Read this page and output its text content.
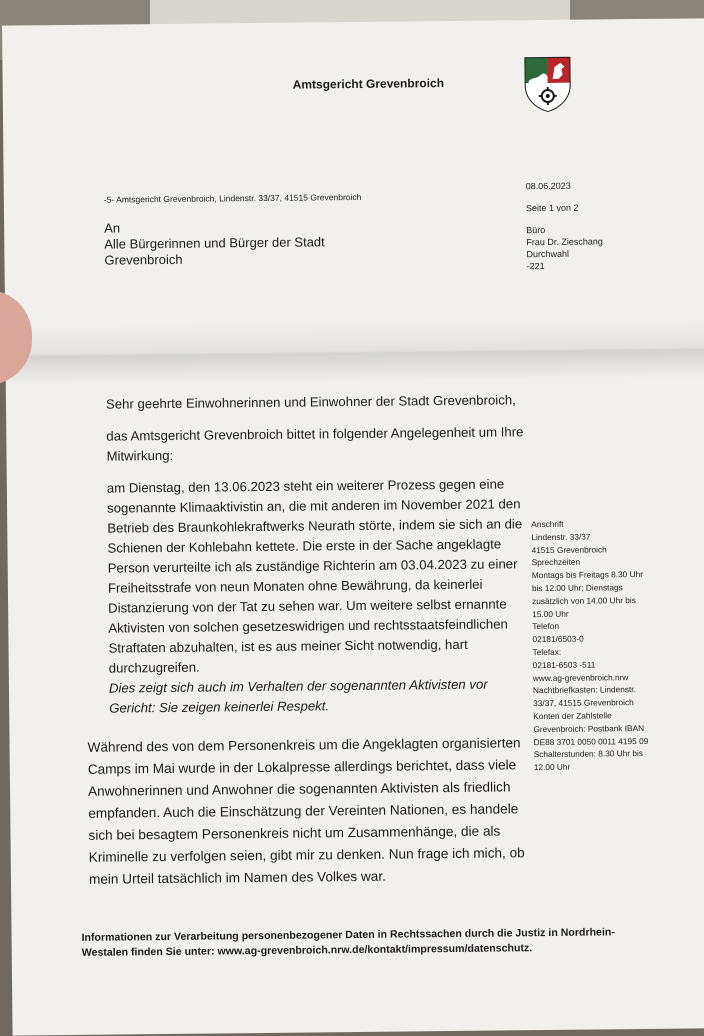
Amtsgericht Grevenbroich
-5- Amtsgericht Grevenbroich, Lindenstr. 33/37, 41515 Grevenbroich
08.06.2023
Seite 1 von 2
Büro
Frau Dr. Zieschang
Durchwahl
-221
An
Alle Bürgerinnen und Bürger der Stadt
Grevenbroich

Sehr geehrte Einwohnerinnen und Einwohner der Stadt Grevenbroich,

das Amtsgericht Grevenbroich bittet in folgender Angelegenheit um Ihre Mitwirkung:

am Dienstag, den 13.06.2023 steht ein weiterer Prozess gegen eine sogenannte Klimaaktivistin an, die mit anderen im November 2021 den Betrieb des Braunkohlekraftwerks Neurath störte, indem sie sich an die Schienen der Kohlebahn kettete. Die erste in der Sache angeklagte Person verurteilte ich als zuständige Richterin am 03.04.2023 zu einer Freiheitsstrafe von neun Monaten ohne Bewährung, da keinerlei Distanzierung von der Tat zu sehen war. Um weitere selbst ernannte Aktivisten von solchen gesetzeswidrigen und rechtsstaatsfeindlichen Straftaten abzuhalten, ist es aus meiner Sicht notwendig, hart durchzugreifen.

Dies zeigt sich auch im Verhalten der sogenannten Aktivisten vor Gericht: Sie zeigen keinerlei Respekt.

Während des von dem Personenkreis um die Angeklagten organisierten Camps im Mai wurde in der Lokalpresse allerdings berichtet, dass viele Anwohnerinnen und Anwohner die sogenannten Aktivisten als friedlich empfanden. Auch die Einschätzung der Vereinten Nationen, es handele sich bei besagtem Personenkreis nicht um Zusammenhänge, die als Kriminelle zu verfolgen seien, gibt mir zu denken. Nun frage ich mich, ob mein Urteil tatsächlich im Namen des Volkes war.
Anschrift
Lindenstr. 33/37
41515 Grevenbroich
Sprechzeiten
Montags bis Freitags 8.30 Uhr
bis 12.00 Uhr; Dienstags
zusätzlich von 14.00 Uhr bis
15.00 Uhr
Telefon
02181/6503-0
Telefax:
02181-6503 -511
www.ag-grevenbroich.nrw
Nachtbriefkasten: Lindenstr.
33/37, 41515 Grevenbroich
Konten der Zahlstelle
Grevenbroich: Postbank IBAN
DE88 3701 0050 0011 4195 09
Schalterstunden: 8.30 Uhr bis
12.00 Uhr
Informationen zur Verarbeitung personenbezogener Daten in Rechtssachen durch die Justiz in Nordrhein-
Westalen finden Sie unter: www.ag-grevenbroich.nrw.de/kontakt/impressum/datenschutz.
